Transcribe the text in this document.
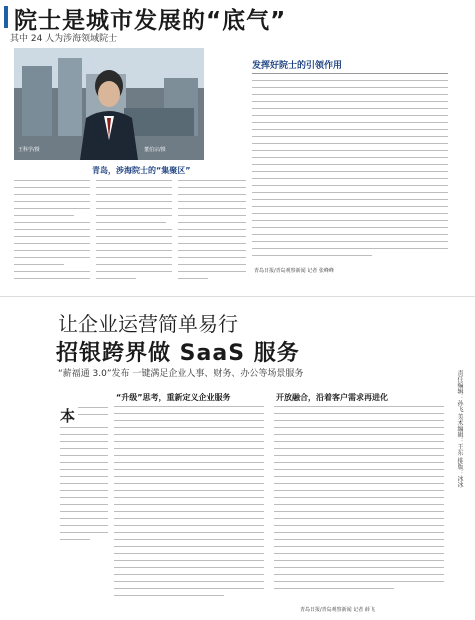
院士是城市发展的“底气”
其中 24 人为涉海领域院士
王科学/摄	董伯宗/摄
青岛，涉海院士的“集聚区”
发挥好院士的引领作用
青岛日报/青岛观察新闻 记者 张峰峰
让企业运营简单易行
招银跨界做 SaaS 服务
“薪福通 3.0”发布 一键满足企业人事、财务、办公等场景服务
“升级”思考，重新定义企业服务	开放融合，沿着客户需求再进化
本
青岛日报/青岛观察新闻 记者 薛飞
责任编辑：孙飞 美术编辑：王东 排版：冰冰
